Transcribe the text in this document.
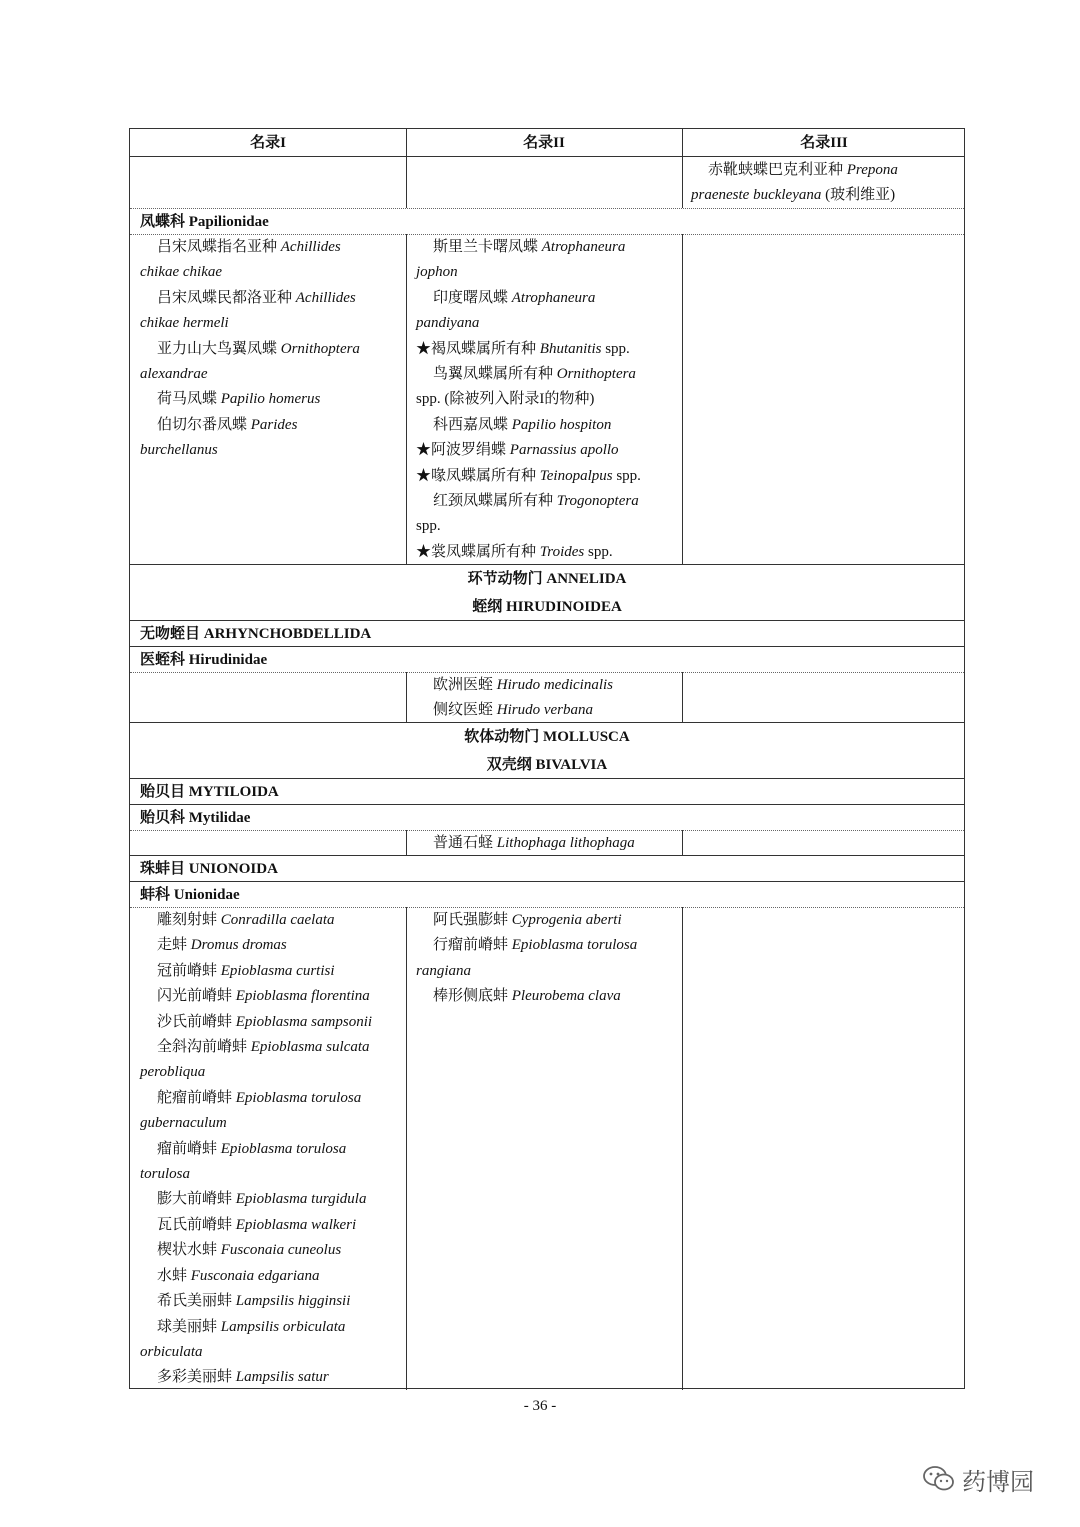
名录I	名录II	名录III

赤靴蛱蝶巴克利亚种 Prepona

praeneste buckleyana (玻利维亚)

凤蝶科 Papilionidae

吕宋凤蝶指名亚种 Achillides

chikae chikae

吕宋凤蝶民都洛亚种 Achillides

chikae hermeli

亚力山大鸟翼凤蝶 Ornithoptera

alexandrae

荷马凤蝶 Papilio homerus

伯切尔番凤蝶 Parides

burchellanus

斯里兰卡曙凤蝶 Atrophaneura

jophon

印度曙凤蝶 Atrophaneura

pandiyana

★褐凤蝶属所有种 Bhutanitis spp.

鸟翼凤蝶属所有种 Ornithoptera

spp. (除被列入附录I的物种)

科西嘉凤蝶 Papilio hospiton

★阿波罗绢蝶 Parnassius apollo

★喙凤蝶属所有种 Teinopalpus spp.

红颈凤蝶属所有种 Trogonoptera

spp.

★裳凤蝶属所有种 Troides spp.

环节动物门 ANNELIDA
蛭纲 HIRUDINOIDEA
无吻蛭目 ARHYNCHOBDELLIDA
医蛭科 Hirudinidae

欧洲医蛭 Hirudo medicinalis

侧纹医蛭 Hirudo verbana

软体动物门 MOLLUSCA
双壳纲 BIVALVIA
贻贝目 MYTILOIDA
贻贝科 Mytilidae

普通石蛏 Lithophaga lithophaga

珠蚌目 UNIONOIDA
蚌科 Unionidae

雕刻射蚌 Conradilla caelata

走蚌 Dromus dromas

冠前嵴蚌 Epioblasma curtisi

闪光前嵴蚌 Epioblasma florentina

沙氏前嵴蚌 Epioblasma sampsonii

全斜沟前嵴蚌 Epioblasma sulcata

perobliqua

舵瘤前嵴蚌 Epioblasma torulosa

gubernaculum

瘤前嵴蚌 Epioblasma torulosa

torulosa

膨大前嵴蚌 Epioblasma turgidula

瓦氏前嵴蚌 Epioblasma walkeri

楔状水蚌 Fusconaia cuneolus

水蚌 Fusconaia edgariana

希氏美丽蚌 Lampsilis higginsii

球美丽蚌 Lampsilis orbiculata

orbiculata

多彩美丽蚌 Lampsilis satur

阿氏强膨蚌 Cyprogenia aberti

行瘤前嵴蚌 Epioblasma torulosa

rangiana

棒形侧底蚌 Pleurobema clava

- 36 -
药博园
